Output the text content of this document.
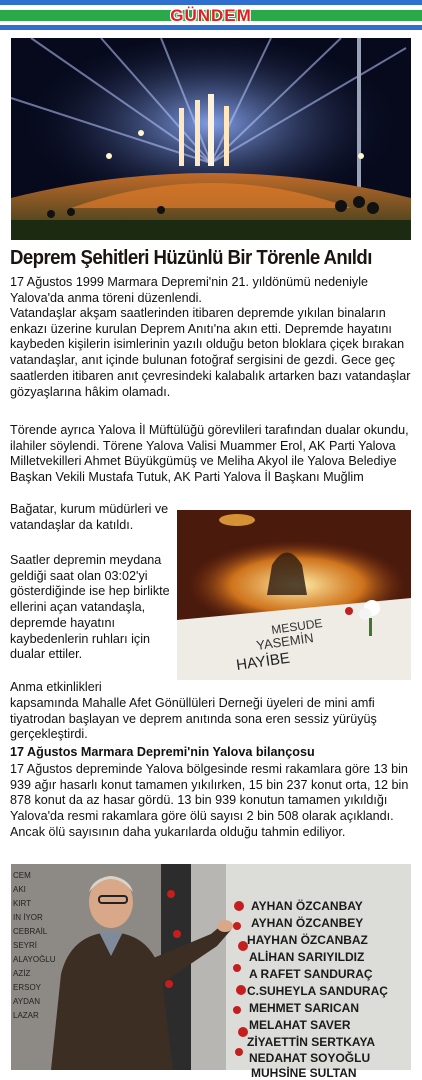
GÜNDEM
Deprem Şehitleri Hüzünlü Bir Törenle Anıldı
17 Ağustos 1999 Marmara Depremi'nin 21. yıldönümü nedeniyle Yalova'da anma töreni düzenlendi.
Vatandaşlar akşam saatlerinden itibaren depremde yıkılan binaların enkazı üzerine kurulan Deprem Anıtı'na akın etti. Depremde hayatını kaybeden kişilerin isimlerinin yazılı olduğu beton bloklara çiçek bırakan vatandaşlar, anıt içinde bulunan fotoğraf sergisini de gezdi. Gece geç saatlerden itibaren anıt çevresindeki kalabalık artarken bazı vatandaşlar gözyaşlarına hâkim olamadı.
Törende ayrıca Yalova İl Müftülüğü görevlileri tarafından dualar okundu, ilahiler söylendi. Törene Yalova Valisi Muammer Erol, AK Parti Yalova Milletvekilleri Ahmet Büyükgümüş ve Meliha Akyol ile Yalova Belediye Başkan Vekili Mustafa Tutuk, AK Parti Yalova İl Başkanı Muğlim
Bağatar, kurum müdürleri ve vatandaşlar da katıldı.
Saatler depremin meydana geldiği saat olan 03:02'yi gösterdiğinde ise hep birlikte ellerini açan vatandaşla, depremde hayatını kaybedenlerin ruhları için dualar ettiler.
Anma etkinlikleri
MESUDE
YASEMİN
HAYİBE
kapsamında Mahalle Afet Gönüllüleri Derneği üyeleri de mini amfi tiyatrodan başlayan ve deprem anıtında sona eren sessiz yürüyüş gerçekleştirdi.
17 Ağustos Marmara Depremi'nin Yalova bilançosu
17 Ağustos depreminde Yalova bölgesinde resmi rakamlara göre 13 bin 939 ağır hasarlı konut tamamen yıkılırken, 15 bin 237 konut orta, 12 bin 878 konut da az hasar gördü. 13 bin 939 konutun tamamen yıkıldığı Yalova'da resmi rakamlara göre ölü sayısı 2 bin 508 olarak açıklandı. Ancak ölü sayısının daha yukarılarda olduğu tahmin ediliyor.
CEM
AKI
KIRT
IN İYOR
CEBRAİL
SEYRİ
ALAYOĞLU
AZİZ
ERSOY
AYDAN
LAZAR
AYHAN ÖZCANBAY
AYHAN ÖZCANBEY
HAYHAN ÖZCANBAZ
ALİHAN SARIYILDIZ
A RAFET SANDURAÇ
C.SUHEYLA SANDURAÇ
MEHMET SARICAN
MELAHAT SAVER
ZİYAETTİN SERTKAYA
NEDAHAT SOYOĞLU
MUHSİNE SULTAN
